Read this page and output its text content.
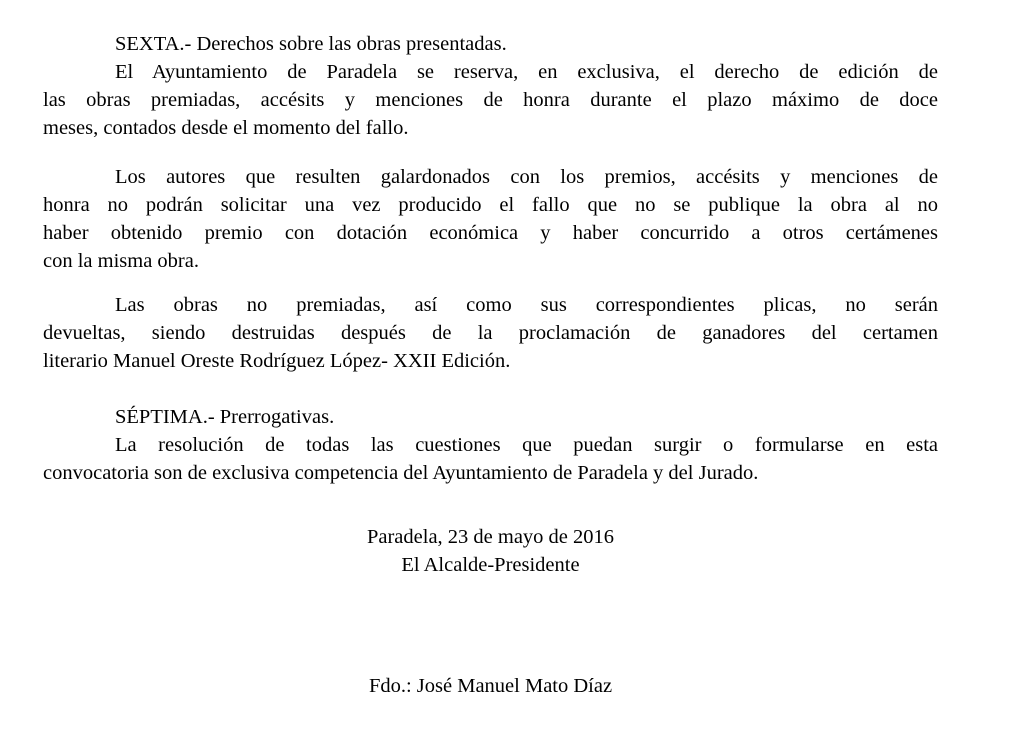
SEXTA.- Derechos sobre las obras presentadas.
El Ayuntamiento de Paradela se reserva, en exclusiva, el derecho de edición de
las obras premiadas, accésits y menciones de honra durante el plazo máximo de doce
meses, contados desde el momento del fallo.
Los autores que resulten galardonados con los premios, accésits y menciones de
honra no podrán solicitar una vez producido el fallo que no se publique la obra al no
haber obtenido premio con dotación económica y haber concurrido a otros certámenes
con la misma obra.
Las obras no premiadas, así como sus correspondientes plicas, no serán
devueltas, siendo destruidas después de la proclamación de ganadores del certamen
literario Manuel Oreste Rodríguez López- XXII Edición.
SÉPTIMA.- Prerrogativas.
La resolución de todas las cuestiones que puedan surgir o formularse en esta
convocatoria son de exclusiva competencia del Ayuntamiento de Paradela y del Jurado.
Paradela, 23 de mayo de 2016
El Alcalde-Presidente
Fdo.: José Manuel Mato Díaz
